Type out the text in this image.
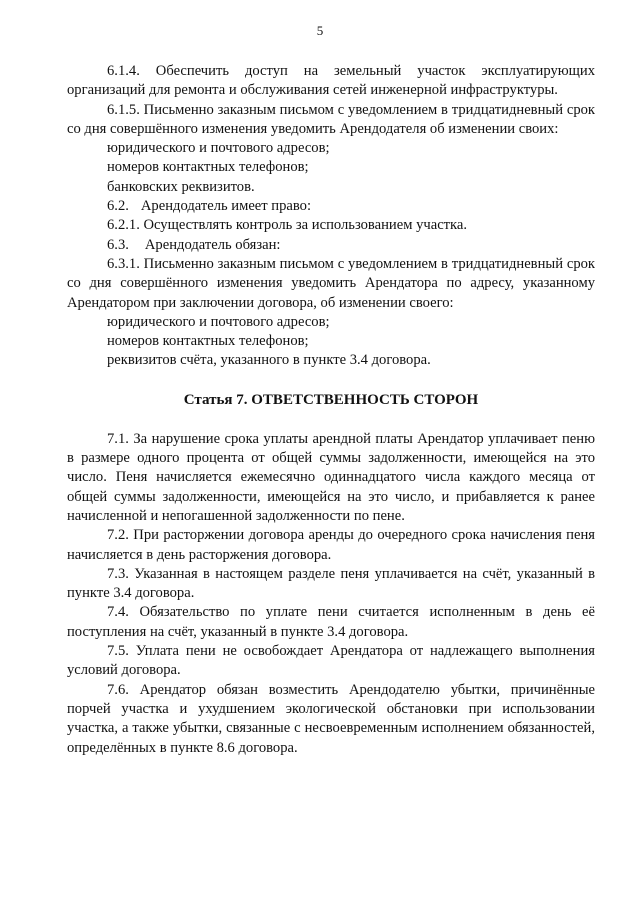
5

6.1.4. Обеспечить доступ на земельный участок эксплуатирующих организаций для ремонта и обслуживания сетей инженерной инфраструктуры.

6.1.5. Письменно заказным письмом с уведомлением в тридцатидневный срок со дня совершённого изменения уведомить Арендодателя об изменении своих:

юридического и почтового адресов;

номеров контактных телефонов;

банковских реквизитов.

6.2. Арендодатель имеет право:

6.2.1. Осуществлять контроль за использованием участка.

6.3. Арендодатель обязан:

6.3.1. Письменно заказным письмом с уведомлением в тридцатидневный срок со дня совершённого изменения уведомить Арендатора по адресу, указанному Арендатором при заключении договора, об изменении своего:

юридического и почтового адресов;

номеров контактных телефонов;

реквизитов счёта, указанного в пункте 3.4 договора.

Статья 7. ОТВЕТСТВЕННОСТЬ СТОРОН

7.1. За нарушение срока уплаты арендной платы Арендатор уплачивает пеню в размере одного процента от общей суммы задолженности, имеющейся на это число. Пеня начисляется ежемесячно одиннадцатого числа каждого месяца от общей суммы задолженности, имеющейся на это число, и прибавляется к ранее начисленной и непогашенной задолженности по пене.

7.2. При расторжении договора аренды до очередного срока начисления пеня начисляется в день расторжения договора.

7.3. Указанная в настоящем разделе пеня уплачивается на счёт, указанный в пункте 3.4 договора.

7.4. Обязательство по уплате пени считается исполненным в день её поступления на счёт, указанный в пункте 3.4 договора.

7.5. Уплата пени не освобождает Арендатора от надлежащего выполнения условий договора.

7.6. Арендатор обязан возместить Арендодателю убытки, причинённые порчей участка и ухудшением экологической обстановки при использовании участка, а также убытки, связанные с несвоевременным исполнением обязанностей, определённых в пункте 8.6 договора.
